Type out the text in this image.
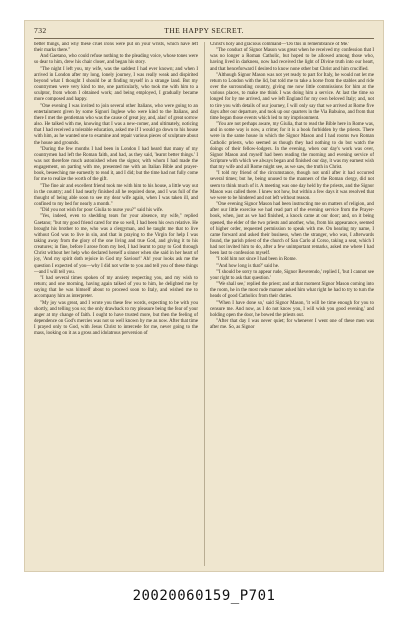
732	THE HAPPY SECRET.

better things, and why these cruel irons were put on your wrists, which have left their marks there."

And Gaetano, who could refuse nothing to the pleading voice, whose tones were so dear to him, drew his chair closer, and began his story.

"The night I left you, my wife, was the saddest I had ever known; and when I arrived in London after my long, lonely journey, I was really weak and dispirited beyond what I thought I should be at finding myself in a strange land. But my countrymen were very kind to me, one particularly, who took me with him to a sculptor, from whom I obtained work; and being employed, I gradually became more composed and happy.

"One evening I was invited to join several other Italians, who were going to an entertainment given by some Signori Inglese who were kind to the Italians, and there I met the gentleman who was the cause of great joy, and, alas! of great sorrow also. He talked with me, knowing that I was a new-comer, and ultimately, noticing that I had received a tolerable education, asked me if I would go down to his house with him, as he wanted one to examine and repair various pieces of sculpture about the house and grounds.

"During the few months I had been in London I had heard that many of my countrymen had left the Roman faith, and had, as they said, 'learnt better things.' I was not therefore much astonished when the signor, with whom I had made the engagement, on parting with me, presented me with an Italian Bible and prayer-book, beseeching me earnestly to read it, and I did; but the time had not fully come for me to realize the worth of the gift.

"The fine air and excellent friend took me with him to his house, a little way out in the country; and I had nearly finished all he required done, and I was full of the thought of being able soon to see my dear wife again, when I was taken ill, and confined to my bed for nearly a month."

"Did you not wish for poor Giulia to nurse you?" said his wife.

"Yes, indeed, even to shedding tears for your absence, my wife," replied Gaetano; "but my good friend cared for me so well, I had been his own relative. He brought his brother to me, who was a clergyman, and he taught me that to live without God was to live in sin, and that in praying to the Virgin for help I was taking away from the glory of the one living and true God, and giving it to his creatures; in fine, before I arose from my bed, I had learnt to pray to God through Christ without her help who declared herself a sinner when she said in her heart of joy, 'And my spirit doth rejoice in God my Saviour!' Ah! your looks ask me the question I expected of you—why I did not write to you and tell you of these things—and I will tell you.

"I had several times spoken of my anxiety respecting you, and my wish to return; and one morning, having again talked of you to him, he delighted me by saying that he was himself about to proceed soon to Italy, and wished me to accompany him as interpreter.

"My joy was great, and I wrote you these few words, expecting to be with you shortly, and telling you so; the only drawback to my pleasure being the fear of your anger at my change of faith. I ought to have trusted more, but then the feeling of dependence on God's mercies was not so well known by me as now. After that time I prayed only to God, with Jesus Christ to intercede for me, never going to the mass, looking on it as a gross and idolatrous perversion of

Christ's holy and gracious command—'Do this in remembrance of Me.'

"The conduct of Signor Mason was great when he received my confession that I was no longer a Roman Catholic, but hoped to be allowed among those who, having lived in darkness, now had received the light of Divine truth into our heart, and that henceforward I desired to know none other but Christ and him crucified.

"Although Signor Mason was not yet ready to part for Italy, he would not let me return to London with the lid, but told me to take a horse from the stables and ride over the surrounding country, giving me now little commissions for him at the various places, to make me think I was doing him a service. At last the time so longed for by me arrived, and we left England for my own beloved Italy; and, not to tire you with details of our journey, I will only say that we arrived at Rome five days after our departure, and took up our quarters in the Via Babuino, and from that time began those events which led to my imprisonment.

"You are not perhaps aware, my Giulia, that to read the Bible here in Rome was, and in some way is now, a crime; for it is a book forbidden by the priests. There were in the same house in which the Signor Mason and I had rooms two Roman Catholic priests, who seemed as though they had nothing to do but watch the doings of their fellow-lodgers. In the evening, when our day's work was over, Signor Mason and myself had been reading the morning and evening service of Scripture with which we always began and finished our day, it was my earnest wish that my wife and all Rome might see, as we saw, the truth in Christ.

"I told my friend of the circumstance, though not until after it had occurred several times; but he, being unused to the manners of the Roman clergy, did not seem to think much of it. A meeting was one day held by the priests, and the Signor Mason was called there. I knew not how, but within a few days it was resolved that we were to be hindered and not left without reason.

"One evening Signor Mason had been instructing me on matters of religion, and after our little exercise we had read part of the evening service from the Prayer-book, when, just as we had finished, a knock came at our door; and, on it being opened, the elder of the two priests and another, who, from his appearance, seemed of higher order, requested permission to speak with me. On hearing my name, I came forward and asked their business, when the stranger, who was, I afterwards found, the parish priest of the church of San Carlo al Corso, taking a seat, which I had not invited him to do, after a few unimportant remarks, asked me where I had been last to confession myself.

"I told him not since I had been in Rome.

"'And how long is that?' said he.

"'I should be sorry to appear rude, Signor Reverendo,' replied I, 'but I cannot see your right to ask that question.'

"'We shall see,' replied the priest; and at that moment Signor Mason coming into the room, he in the most rude manner asked him what right he had to try to turn the heads of good Catholics from their duties.

"'When I have done so,' said Signor Mason, 'it will be time enough for you to censure me. And now, as I do not know you, I will wish you good evening,' and holding open the door, he bowed the priests out.

"After that day I was never quiet; for whenever I went one of these men was after me. So, as Signor

20020060159_P701
